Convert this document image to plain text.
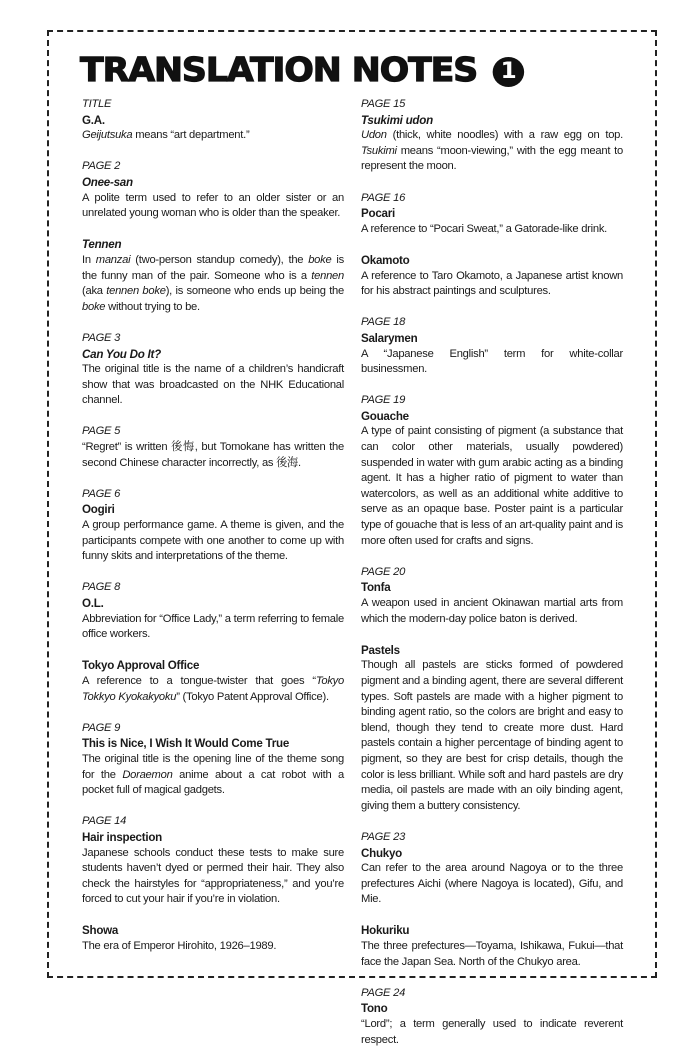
TRANSLATION NOTES 1
TITLE
G.A.
Geijutsuka means “art department.”
PAGE 2
Onee-san
A polite term used to refer to an older sister or an unrelated young woman who is older than the speaker.
Tennen
In manzai (two-person standup comedy), the boke is the funny man of the pair. Someone who is a tennen (aka tennen boke), is someone who ends up being the boke without trying to be.
PAGE 3
Can You Do It?
The original title is the name of a children’s handicraft show that was broadcasted on the NHK Educational channel.
PAGE 5
“Regret” is written 後悔, but Tomokane has written the second Chinese character incorrectly, as 後海.
PAGE 6
Oogiri
A group performance game. A theme is given, and the participants compete with one another to come up with funny skits and interpretations of the theme.
PAGE 8
O.L.
Abbreviation for “Office Lady,” a term referring to female office workers.
Tokyo Approval Office
A reference to a tongue-twister that goes “Tokyo Tokkyo Kyokakyoku” (Tokyo Patent Approval Office).
PAGE 9
This is Nice, I Wish It Would Come True
The original title is the opening line of the theme song for the Doraemon anime about a cat robot with a pocket full of magical gadgets.
PAGE 14
Hair inspection
Japanese schools conduct these tests to make sure students haven’t dyed or permed their hair. They also check the hairstyles for “appropriateness,” and you’re forced to cut your hair if you’re in violation.
Showa
The era of Emperor Hirohito, 1926–1989.
PAGE 15
Tsukimi udon
Udon (thick, white noodles) with a raw egg on top. Tsukimi means “moon-viewing,” with the egg meant to represent the moon.
PAGE 16
Pocari
A reference to “Pocari Sweat,” a Gatorade-like drink.
Okamoto
A reference to Taro Okamoto, a Japanese artist known for his abstract paintings and sculptures.
PAGE 18
Salarymen
A “Japanese English” term for white-collar businessmen.
PAGE 19
Gouache
A type of paint consisting of pigment (a substance that can color other materials, usually powdered) suspended in water with gum arabic acting as a binding agent. It has a higher ratio of pigment to water than watercolors, as well as an additional white additive to serve as an opaque base. Poster paint is a particular type of gouache that is less of an art-quality paint and is more often used for crafts and signs.
PAGE 20
Tonfa
A weapon used in ancient Okinawan martial arts from which the modern-day police baton is derived.
Pastels
Though all pastels are sticks formed of powdered pigment and a binding agent, there are several different types. Soft pastels are made with a higher pigment to binding agent ratio, so the colors are bright and easy to blend, though they tend to create more dust. Hard pastels contain a higher percentage of binding agent to pigment, so they are best for crisp details, though the color is less brilliant. While soft and hard pastels are dry media, oil pastels are made with an oily binding agent, giving them a buttery consistency.
PAGE 23
Chukyo
Can refer to the area around Nagoya or to the three prefectures Aichi (where Nagoya is located), Gifu, and Mie.
Hokuriku
The three prefectures—Toyama, Ishikawa, Fukui—that face the Japan Sea. North of the Chukyo area.
PAGE 24
Tono
“Lord”; a term generally used to indicate reverent respect.
